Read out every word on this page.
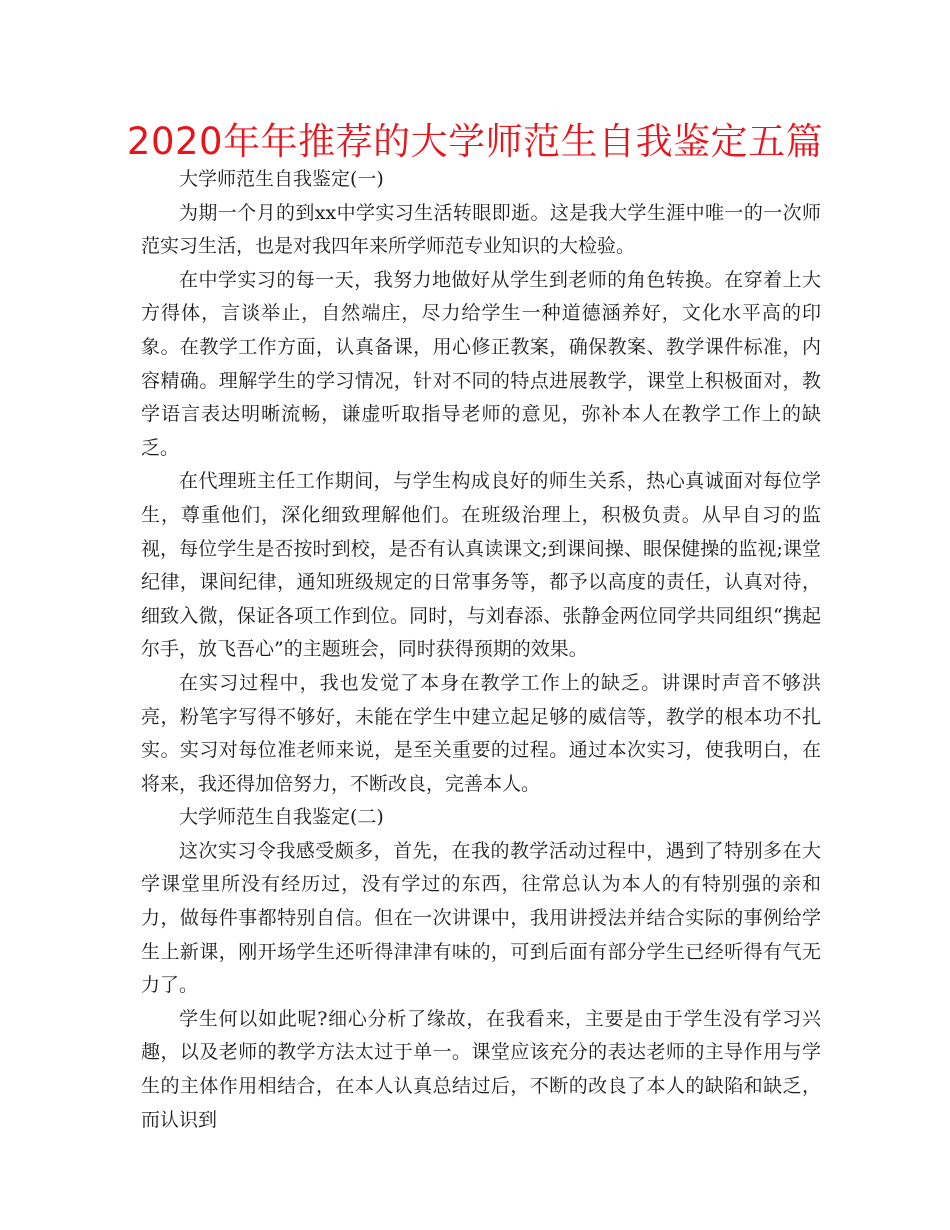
2020年年推荐的大学师范生自我鉴定五篇

大学师范生自我鉴定(一)

为期一个月的到xx中学实习生活转眼即逝。这是我大学生涯中唯一的一次师范实习生活，也是对我四年来所学师范专业知识的大检验。

在中学实习的每一天，我努力地做好从学生到老师的角色转换。在穿着上大方得体，言谈举止，自然端庄，尽力给学生一种道德涵养好，文化水平高的印象。在教学工作方面，认真备课，用心修正教案，确保教案、教学课件标准，内容精确。理解学生的学习情况，针对不同的特点进展教学，课堂上积极面对，教学语言表达明晰流畅，谦虚听取指导老师的意见，弥补本人在教学工作上的缺乏。

在代理班主任工作期间，与学生构成良好的师生关系，热心真诚面对每位学生，尊重他们，深化细致理解他们。在班级治理上，积极负责。从早自习的监视，每位学生是否按时到校，是否有认真读课文;到课间操、眼保健操的监视;课堂纪律，课间纪律，通知班级规定的日常事务等，都予以高度的责任，认真对待，细致入微，保证各项工作到位。同时，与刘春添、张静金两位同学共同组织“携起尔手，放飞吾心”的主题班会，同时获得预期的效果。

在实习过程中，我也发觉了本身在教学工作上的缺乏。讲课时声音不够洪亮，粉笔字写得不够好，未能在学生中建立起足够的威信等，教学的根本功不扎实。实习对每位准老师来说，是至关重要的过程。通过本次实习，使我明白，在将来，我还得加倍努力，不断改良，完善本人。

大学师范生自我鉴定(二)

这次实习令我感受颇多，首先，在我的教学活动过程中，遇到了特别多在大学课堂里所没有经历过，没有学过的东西，往常总认为本人的有特别强的亲和力，做每件事都特别自信。但在一次讲课中，我用讲授法并结合实际的事例给学生上新课，刚开场学生还听得津津有味的，可到后面有部分学生已经听得有气无力了。

学生何以如此呢?细心分析了缘故，在我看来，主要是由于学生没有学习兴趣，以及老师的教学方法太过于单一。课堂应该充分的表达老师的主导作用与学生的主体作用相结合，在本人认真总结过后，不断的改良了本人的缺陷和缺乏，而认识到
